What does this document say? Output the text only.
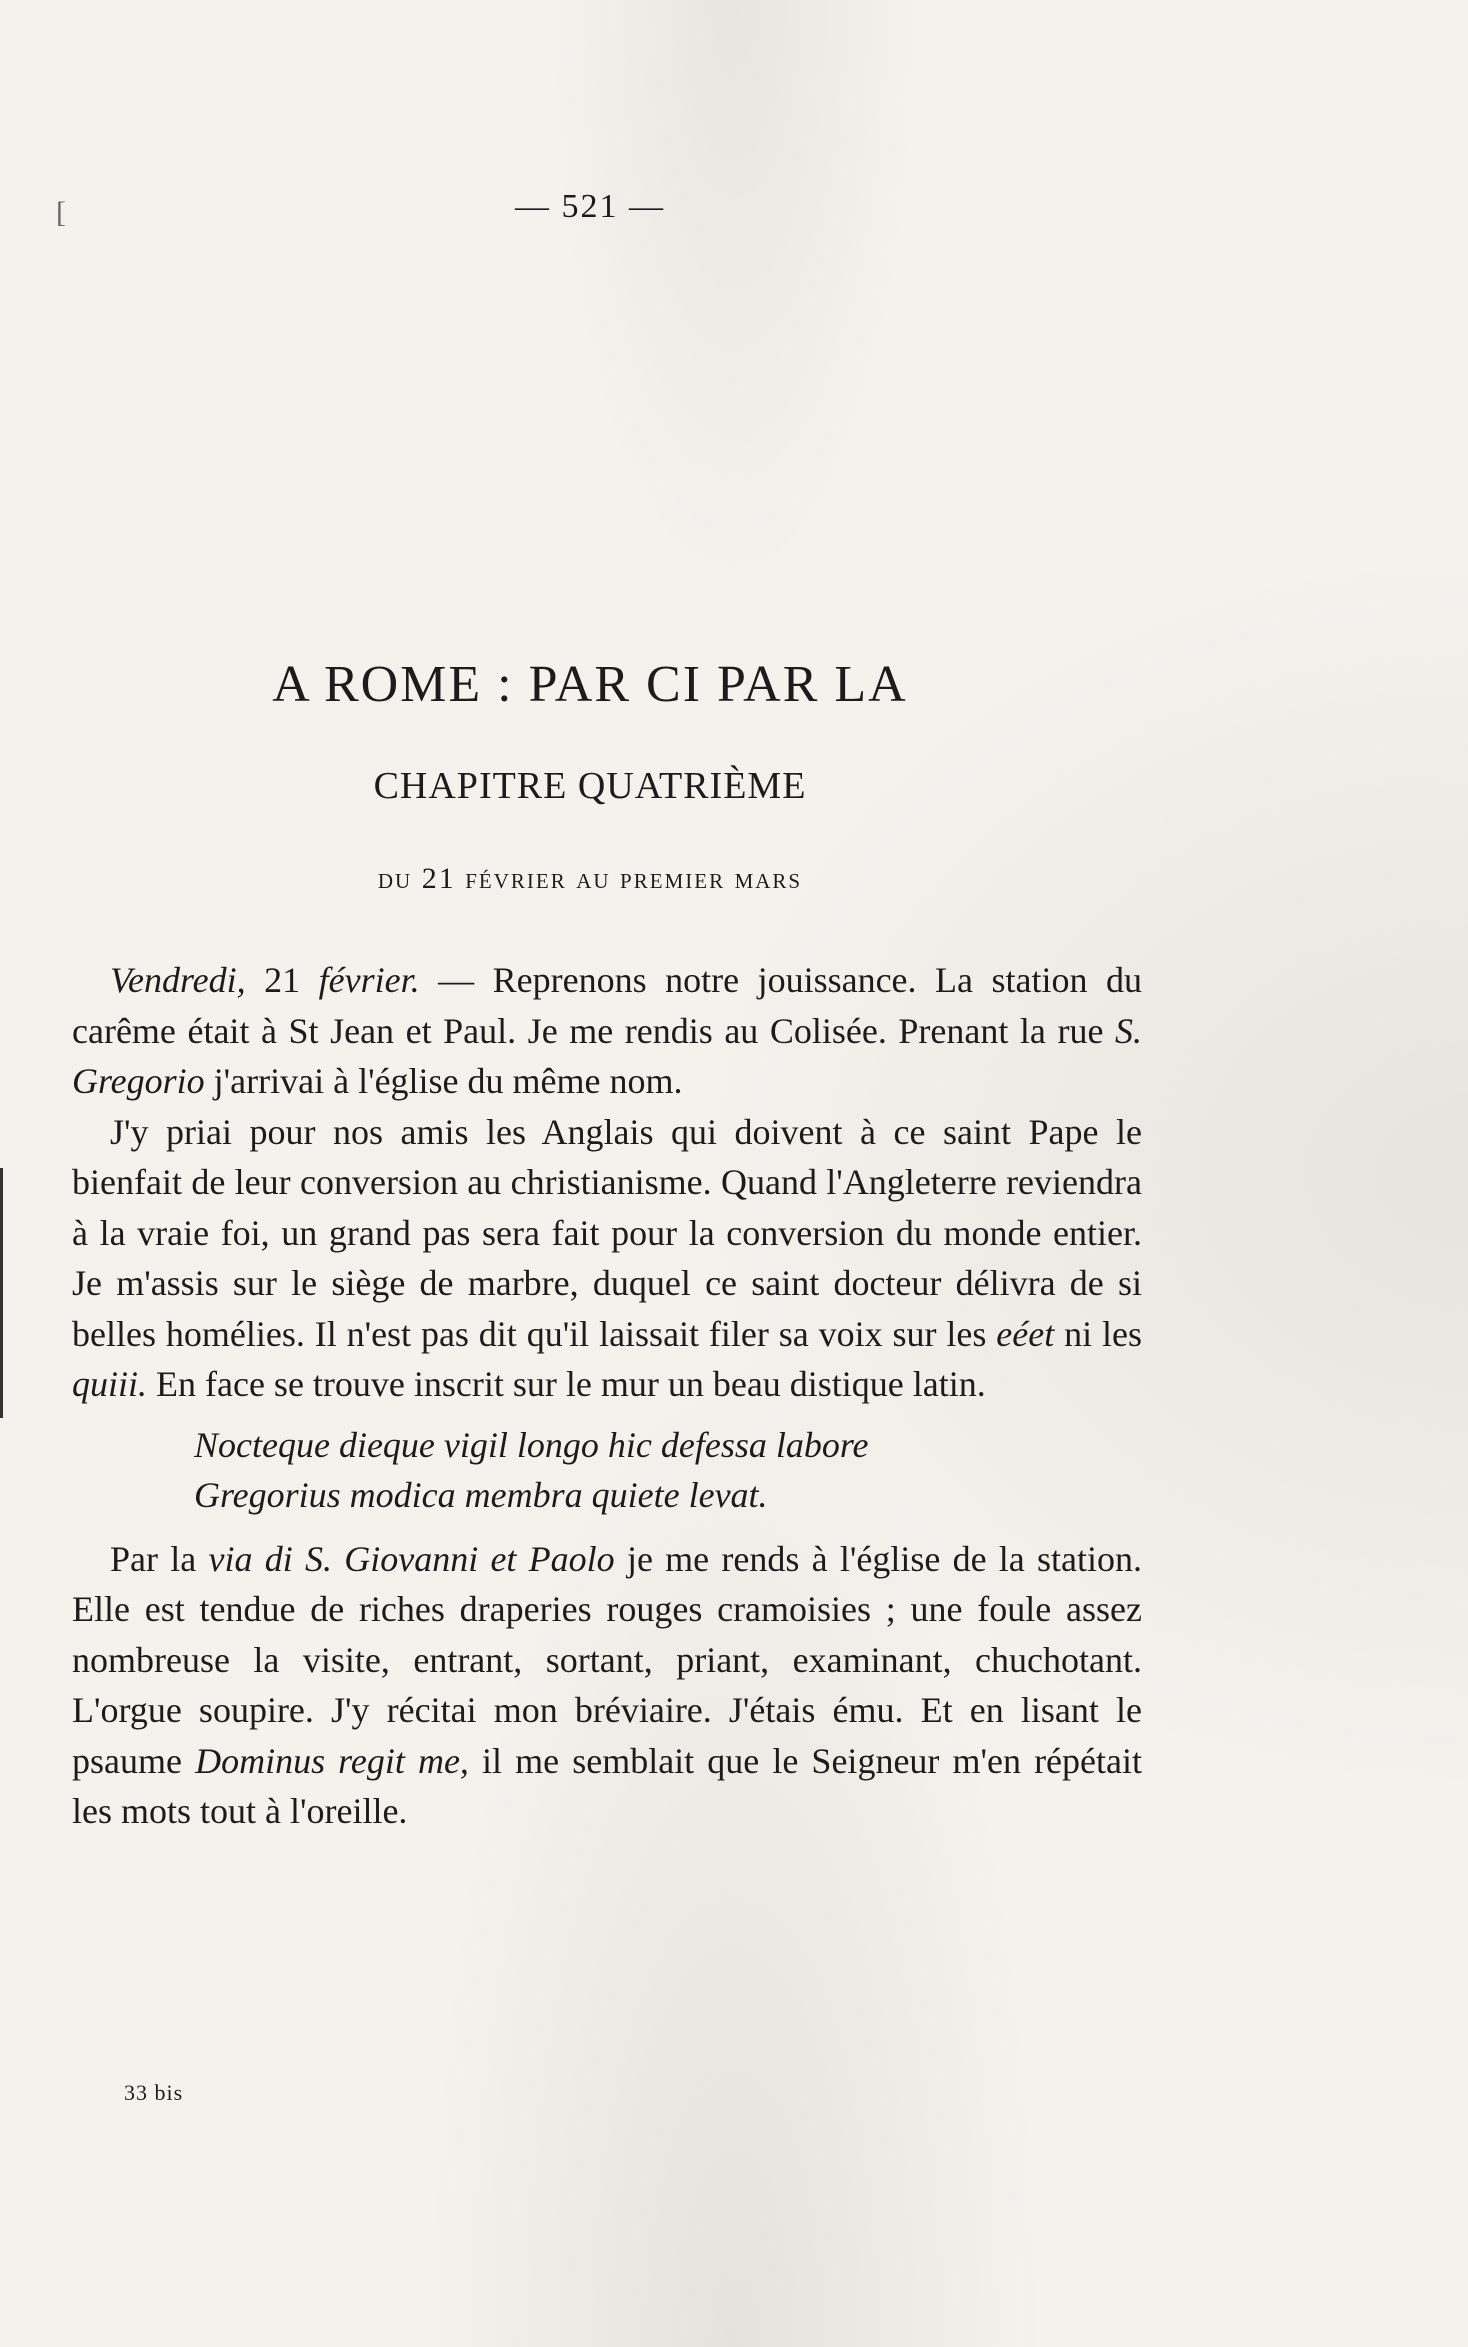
[	— 521 —
A ROME : PAR CI PAR LA
CHAPITRE QUATRIÈME
du 21 février au premier mars

Vendredi, 21 février. — Reprenons notre jouissance. La station du carême était à St Jean et Paul. Je me rendis au Colisée. Prenant la rue S. Gregorio j'arrivai à l'église du même nom.

J'y priai pour nos amis les Anglais qui doivent à ce saint Pape le bienfait de leur conversion au christianisme. Quand l'Angleterre reviendra à la vraie foi, un grand pas sera fait pour la conversion du monde entier. Je m'assis sur le siège de marbre, duquel ce saint docteur délivra de si belles homélies. Il n'est pas dit qu'il laissait filer sa voix sur les eéet ni les quiii. En face se trouve inscrit sur le mur un beau distique latin.

Nocteque dieque vigil longo hic defessa labore
Gregorius modica membra quiete levat.

Par la via di S. Giovanni et Paolo je me rends à l'église de la station. Elle est tendue de riches draperies rouges cramoisies ; une foule assez nombreuse la visite, entrant, sortant, priant, examinant, chuchotant. L'orgue soupire. J'y récitai mon bréviaire. J'étais ému. Et en lisant le psaume Dominus regit me, il me semblait que le Seigneur m'en répétait les mots tout à l'oreille.

33 bis
